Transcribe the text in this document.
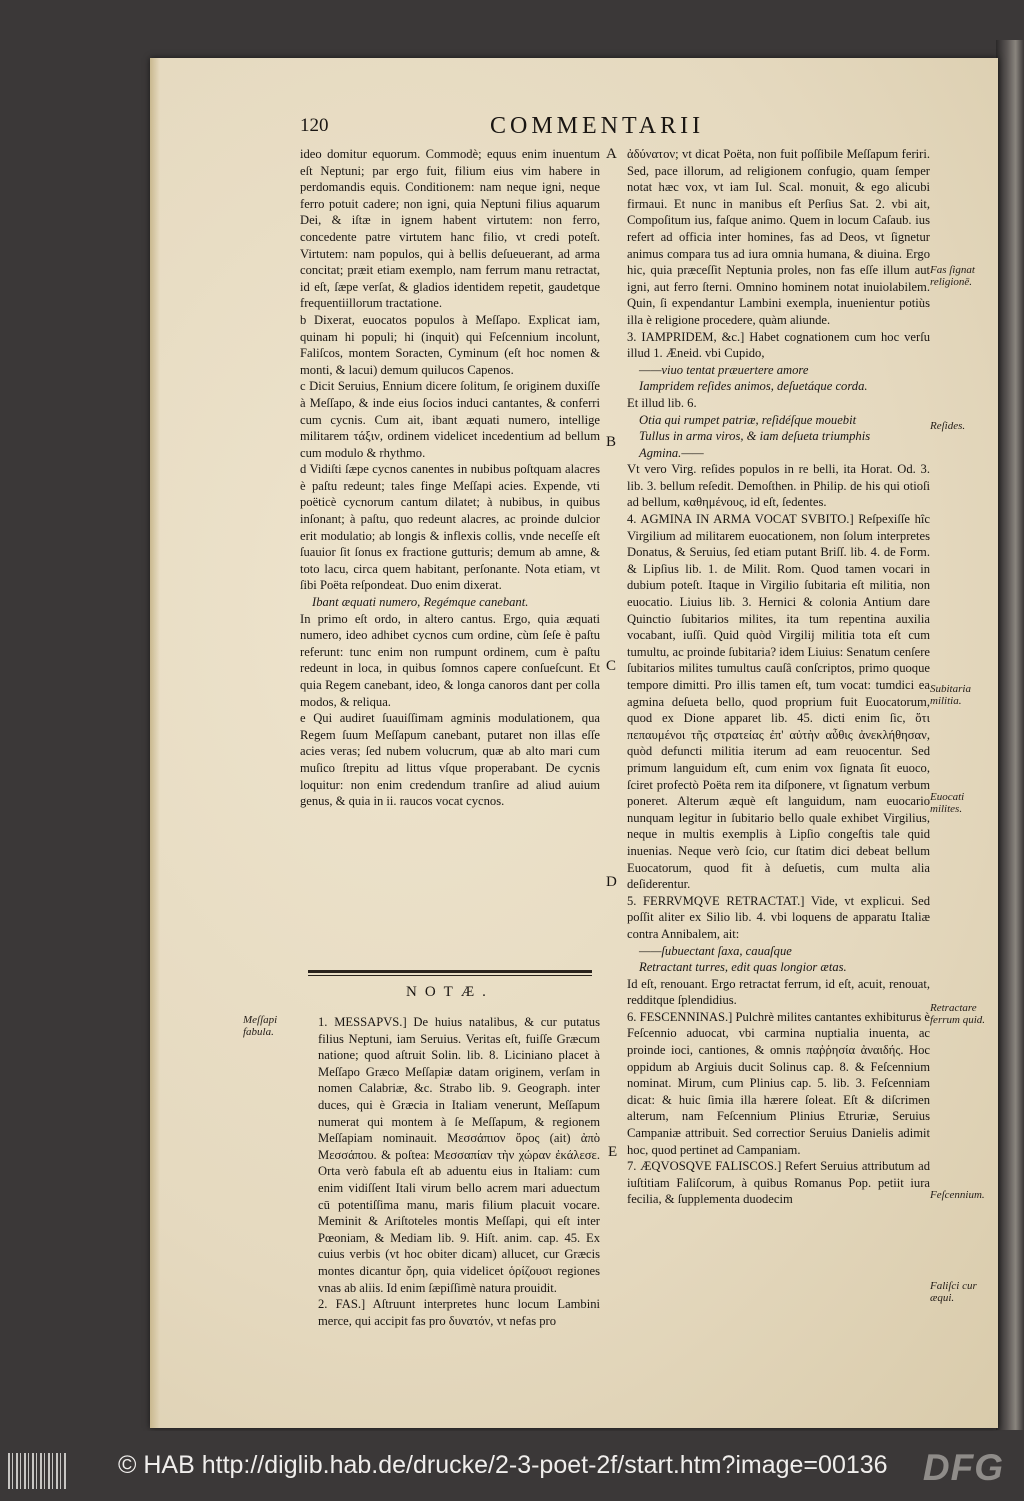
120	COMMENTARII

ideo domitur equorum. Commodè; equus enim inuentum eſt Neptuni; par ergo fuit, filium eius vim habere in perdomandis equis. Conditionem: nam neque igni, neque ferro potuit cadere; non igni, quia Neptuni filius aquarum Dei, & iſtæ in ignem habent virtutem: non ferro, concedente patre virtutem hanc filio, vt credi poteſt. Virtutem: nam populos, qui à bellis deſueuerant, ad arma concitat; præit etiam exemplo, nam ferrum manu retractat, id eſt, ſæpe verſat, & gladios identidem repetit, gaudetque frequentiillorum tractatione.

b Dixerat, euocatos populos à Meſſapo. Explicat iam, quinam hi populi; hi (inquit) qui Feſcennium incolunt, Faliſcos, montem Soracten, Cyminum (eſt hoc nomen & monti, & lacui) demum quilucos Capenos.

c Dicit Seruius, Ennium dicere ſolitum, ſe originem duxiſſe à Meſſapo, & inde eius ſocios induci cantantes, & conferri cum cycnis. Cum ait, ibant æquati numero, intellige militarem τάξιν, ordinem videlicet incedentium ad bellum cum modulo & rhythmo.

d Vidiſti ſæpe cycnos canentes in nubibus poſtquam alacres è paſtu redeunt; tales finge Meſſapi acies. Expende, vti poëticè cycnorum cantum dilatet; à nubibus, in quibus inſonant; à paſtu, quo redeunt alacres, ac proinde dulcior erit modulatio; ab longis & inflexis collis, vnde neceſſe eſt ſuauior ſit ſonus ex fractione gutturis; demum ab amne, & toto lacu, circa quem habitant, perſonante. Nota etiam, vt ſibi Poëta reſpondeat. Duo enim dixerat.

Ibant æquati numero, Regémque canebant.

In primo eſt ordo, in altero cantus. Ergo, quia æquati numero, ideo adhibet cycnos cum ordine, cùm ſeſe è paſtu referunt: tunc enim non rumpunt ordinem, cum è paſtu redeunt in loca, in quibus ſomnos capere conſueſcunt. Et quia Regem canebant, ideo, & longa canoros dant per colla modos, & reliqua.

e Qui audiret ſuauiſſimam agminis modulationem, qua Regem ſuum Meſſapum canebant, putaret non illas eſſe acies veras; ſed nubem volucrum, quæ ab alto mari cum muſico ſtrepitu ad littus vſque properabant. De cycnis loquitur: non enim credendum tranſire ad aliud auium genus, & quia in ii. raucos vocat cycnos.

NOTÆ.

1. MESSAPVS.] De huius natalibus, & cur putatus filius Neptuni, iam Seruius. Veritas eſt, fuiſſe Græcum natione; quod aſtruit Solin. lib. 8. Liciniano placet à Meſſapo Græco Meſſapiæ datam originem, verſam in nomen Calabriæ, &c. Strabo lib. 9. Geograph. inter duces, qui è Græcia in Italiam venerunt, Meſſapum numerat qui montem à ſe Meſſapum, & regionem Meſſapiam nominauit. Μεσσάπιον ὄρος (ait) ἀπὸ Μεσσάπου. & poſtea: Μεσσαπίαν τὴν χώραν ἐκάλεσε. Orta verò fabula eſt ab aduentu eius in Italiam: cum enim vidiſſent Itali virum bello acrem mari aduectum cū potentiſſima manu, maris filium placuit vocare. Meminit & Ariſtoteles montis Meſſapi, qui eſt inter Pœoniam, & Mediam lib. 9. Hiſt. anim. cap. 45. Ex cuius verbis (vt hoc obiter dicam) allucet, cur Græcis montes dicantur ὄρη, quia videlicet ὁρίζουσι regiones vnas ab aliis. Id enim ſæpiſſimè natura prouidit.

2. FAS.] Aſtruunt interpretes hunc locum Lambini merce, qui accipit fas pro δυνατόν, vt nefas pro

ἀδύνατον; vt dicat Poëta, non fuit poſſibile Meſſapum feriri. Sed, pace illorum, ad religionem confugio, quam ſemper notat hæc vox, vt iam Iul. Scal. monuit, & ego alicubi firmaui. Et nunc in manibus eſt Perſius Sat. 2. vbi ait, Compoſitum ius, faſque animo. Quem in locum Caſaub. ius refert ad officia inter homines, fas ad Deos, vt ſignetur animus compara tus ad iura omnia humana, & diuina. Ergo hic, quia præceſſit Neptunia proles, non fas eſſe illum aut igni, aut ferro ſterni. Omnino hominem notat inuiolabilem. Quin, ſi expendantur Lambini exempla, inuenientur potiùs illa è religione procedere, quàm aliunde.

3. IAMPRIDEM, &c.] Habet cognationem cum hoc verſu illud 1. Æneid. vbi Cupido,

——viuo tentat præuertere amore

Iampridem reſides animos, deſuetáque corda.

Et illud lib. 6.

Otia qui rumpet patriæ, reſidéſque mouebit

Tullus in arma viros, & iam deſueta triumphis

Agmina.——

Vt vero Virg. reſides populos in re belli, ita Horat. Od. 3. lib. 3. bellum reſedit. Demoſthen. in Philip. de his qui otioſi ad bellum, καθημένους, id eſt, ſedentes.

4. AGMINA IN ARMA VOCAT SVBITO.] Reſpexiſſe hîc Virgilium ad militarem euocationem, non ſolum interpretes Donatus, & Seruius, ſed etiam putant Briſſ. lib. 4. de Form. & Lipſius lib. 1. de Milit. Rom. Quod tamen vocari in dubium poteſt. Itaque in Virgilio ſubitaria eſt militia, non euocatio. Liuius lib. 3. Hernici & colonia Antium dare Quinctio ſubitarios milites, ita tum repentina auxilia vocabant, iuſſi. Quid quòd Virgilij militia tota eſt cum tumultu, ac proinde ſubitaria? idem Liuius: Senatum cenſere ſubitarios milites tumultus cauſâ conſcriptos, primo quoque tempore dimitti. Pro illis tamen eſt, tum vocat: tumdici ea agmina deſueta bello, quod proprium fuit Euocatorum, quod ex Dione apparet lib. 45. dicti enim ſic, ὅτι πεπαυμένοι τῆς στρατείας ἐπ' αὐτὴν αὖθις ἀνεκλήθησαν, quòd defuncti militia iterum ad eam reuocentur. Sed primum languidum eſt, cum enim vox ſignata ſit euoco, ſciret profectò Poëta rem ita diſponere, vt ſignatum verbum poneret. Alterum æquè eſt languidum, nam euocario nunquam legitur in ſubitario bello quale exhibet Virgilius, neque in multis exemplis à Lipſio congeſtis tale quid inuenias. Neque verò ſcio, cur ſtatim dici debeat bellum Euocatorum, quod fit à deſuetis, cum multa alia deſiderentur.

5. FERRVMQVE RETRACTAT.] Vide, vt explicui. Sed poſſit aliter ex Silio lib. 4. vbi loquens de apparatu Italiæ contra Annibalem, ait:

——ſubuectant ſaxa, cauaſque

Retractant turres, edit quas longior ætas.

Id eſt, renouant. Ergo retractat ferrum, id eſt, acuit, renouat, redditque ſplendidius.

6. FESCENNINAS.] Pulchrè milites cantantes exhibiturus è Feſcennio aduocat, vbi carmina nuptialia inuenta, ac proinde ioci, cantiones, & omnis παῤῥησία ἀναιδής. Hoc oppidum ab Argiuis ducit Solinus cap. 8. & Feſcennium nominat. Mirum, cum Plinius cap. 5. lib. 3. Feſcenniam dicat: & huic ſimia illa hærere ſoleat. Eſt & diſcrimen alterum, nam Feſcennium Plinius Etruriæ, Seruius Campaniæ attribuit. Sed correctior Seruius Danielis adimit hoc, quod pertinet ad Campaniam.

7. ÆQVOSQVE FALISCOS.] Refert Seruius attributum ad iuſtitiam Faliſcorum, à quibus Romanus Pop. petiit iura fecilia, & ſupplementa duodecim

A
B
C
D
E
Meſſapi fabula.
Fas ſignat religionē.
Reſides.
Subitaria militia.
Euocati milites.
Retractare ferrum quid.
Feſcennium.
Faliſci cur æqui.
© HAB http://diglib.hab.de/drucke/2-3-poet-2f/start.htm?image=00136 DFG
